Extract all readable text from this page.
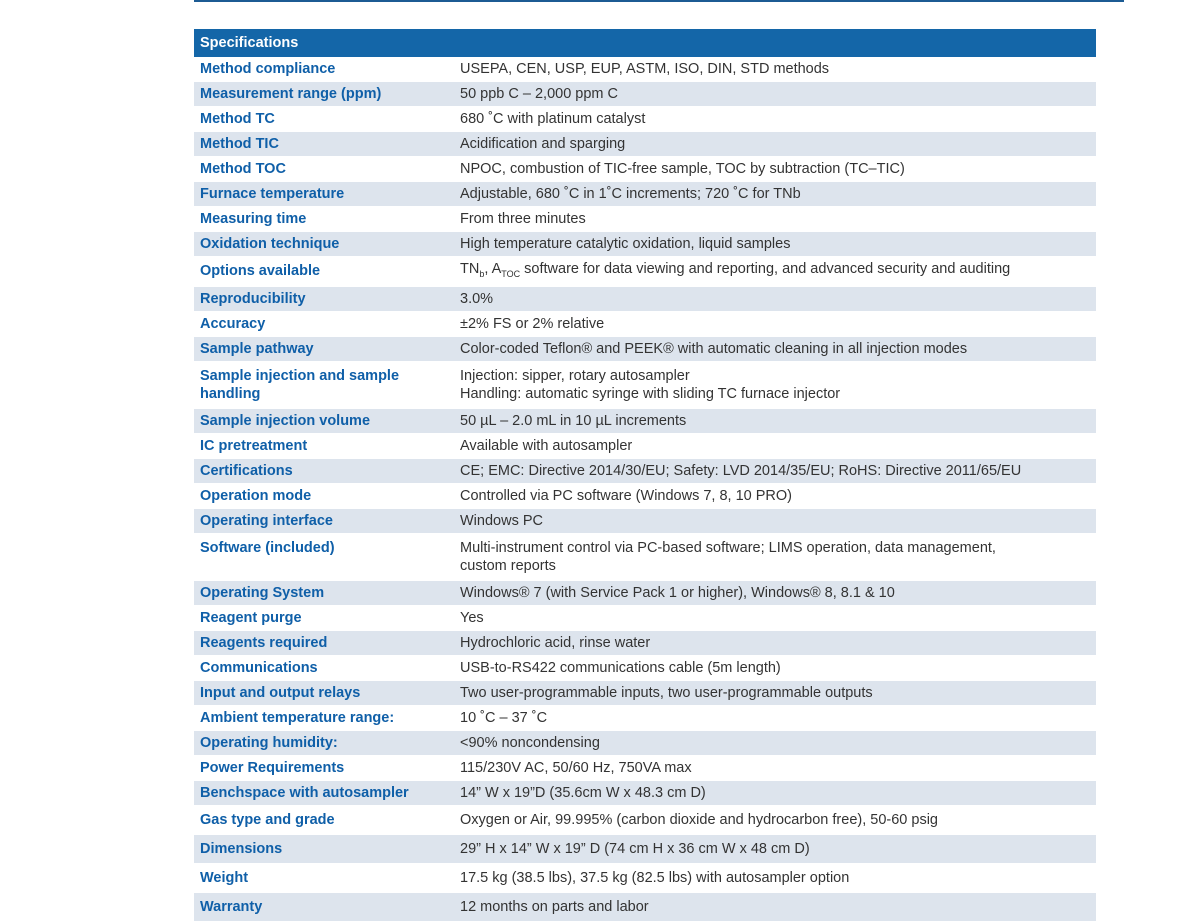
Specifications	
Method compliance	USEPA, CEN, USP, EUP, ASTM, ISO, DIN, STD methods
Measurement range (ppm)	50 ppb C – 2,000 ppm C
Method TC	680 ˚C with platinum catalyst
Method TIC	Acidification and sparging
Method TOC	NPOC, combustion of TIC-free sample, TOC by subtraction (TC–TIC)
Furnace temperature	Adjustable, 680 ˚C in 1˚C increments; 720 ˚C for TNb
Measuring time	From three minutes
Oxidation technique	High temperature catalytic oxidation, liquid samples
Options available	$TN_b$, $A_{TOC}$ software for data viewing and reporting, and advanced security and auditing
Reproducibility	3.0%
Accuracy	±2% FS or 2% relative
Sample pathway	Color-coded Teflon® and PEEK® with automatic cleaning in all injection modes
Sample injection and sample handling	Injection: sipper, rotary autosampler
Handling: automatic syringe with sliding TC furnace injector

Sample injection volume	50 µL – 2.0 mL in 10 µL increments
IC pretreatment	Available with autosampler
Certifications	CE; EMC: Directive 2014/30/EU; Safety: LVD 2014/35/EU; RoHS: Directive 2011/65/EU
Operation mode	Controlled via PC software (Windows 7, 8, 10 PRO)
Operating interface	Windows PC
Software (included)	Multi-instrument control via PC-based software; LIMS operation, data management,
custom reports

Operating System	Windows® 7 (with Service Pack 1 or higher), Windows® 8, 8.1 & 10
Reagent purge	Yes
Reagents required	Hydrochloric acid, rinse water
Communications	USB-to-RS422 communications cable (5m length)
Input and output relays	Two user-programmable inputs, two user-programmable outputs
Ambient temperature range:	10 ˚C – 37 ˚C
Operating humidity:	<90% noncondensing
Power Requirements	115/230V AC, 50/60 Hz, 750VA max
Benchspace with autosampler	14” W x 19”D (35.6cm W x 48.3 cm D)
Gas type and grade	Oxygen or Air, 99.995% (carbon dioxide and hydrocarbon free), 50-60 psig
Dimensions	29” H x 14” W x 19” D (74 cm H x 36 cm W x 48 cm D)
Weight	17.5 kg (38.5 lbs), 37.5 kg (82.5 lbs) with autosampler option
Warranty	12 months on parts and labor
